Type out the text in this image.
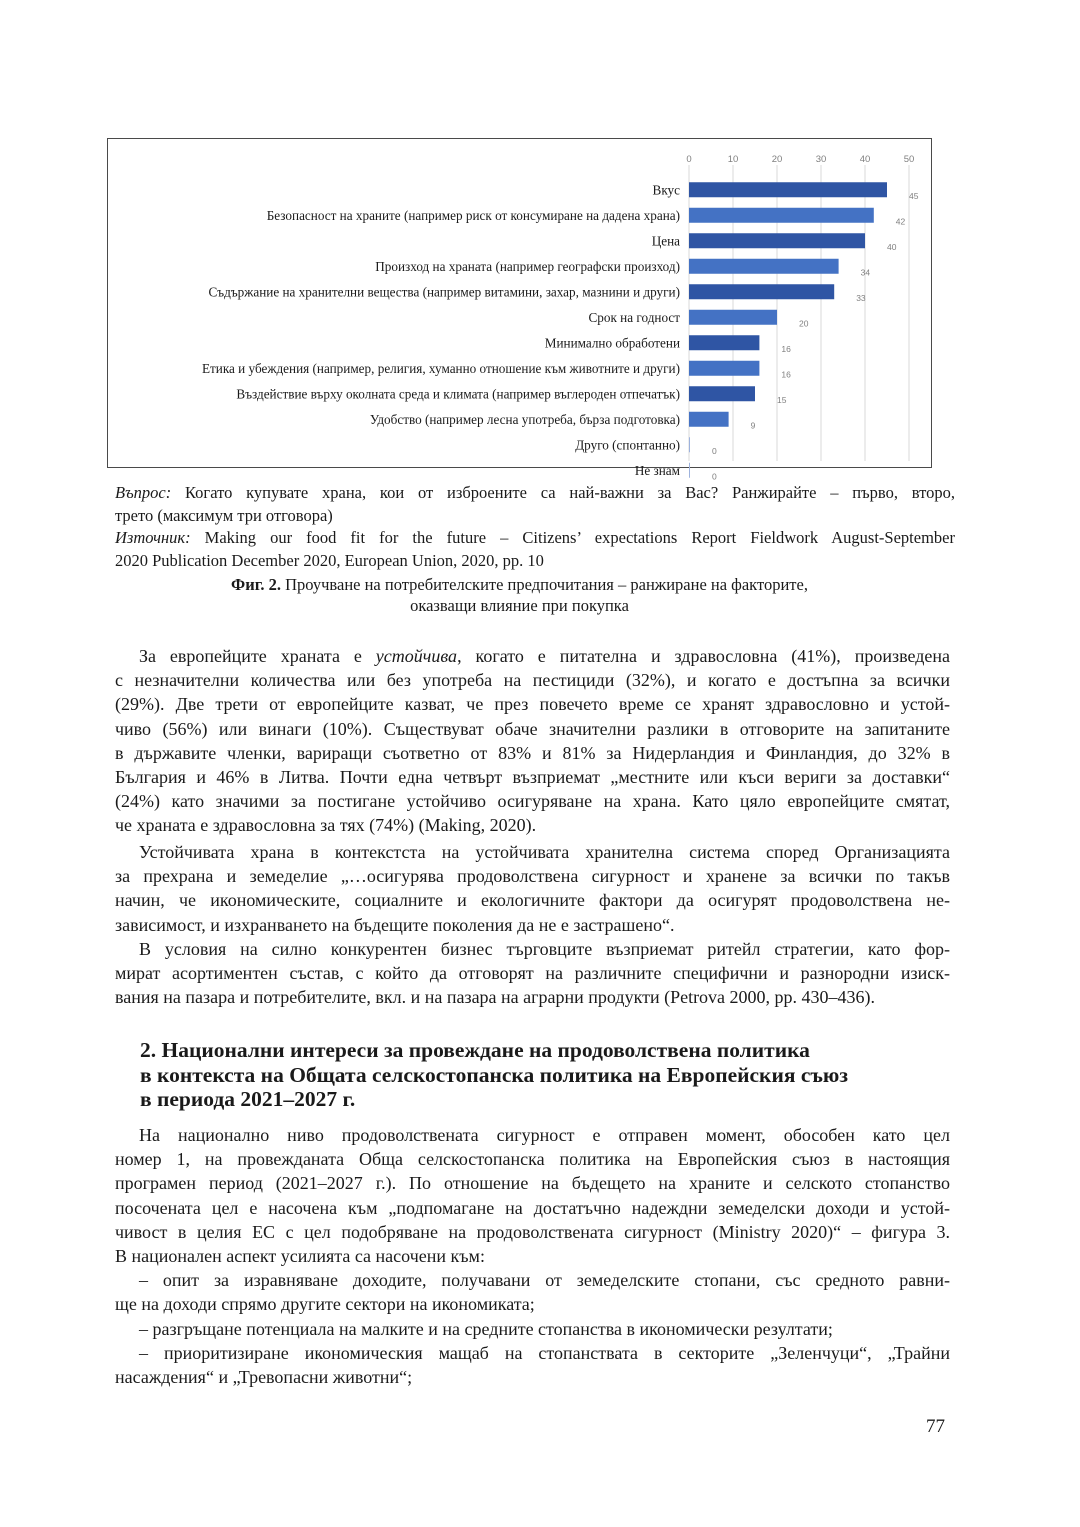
0	10	20	30	40	50
Вкус	45
Безопасност на храните (например риск от консумиране на дадена храна)	42
Цена	40
Произход на храната (например географски произход)	34
Съдържание на хранителни вещества (например витамини, захар, мазнини и други)	33
Срок на годност	20
Минимално обработени	16
Етика и убеждения (например, религия, хуманно отношение към животните и други)	16
Въздействие върху околната среда и климата (например въглероден отпечатък)	15
Удобство (например лесна употреба, бърза подготовка)	9
Друго (спонтанно)	0
Не знам	0
Въпрос: Когато купувате храна, кои от изброените са най-важни за Вас? Ранжирайте – първо, второ,
трето (максимум три отговора)
Източник: Making our food fit for the future – Citizens’ expectations Report Fieldwork August-September
2020 Publication December 2020, European Union, 2020, pp. 10
Фиг. 2. Проучване на потребителските предпочитания – ранжиране на факторите,
оказващи влияние при покупка
За европейците храната е устойчива, когато е питателна и здравословна (41%), произведена
с незначителни количества или без употреба на пестициди (32%), и когато е достъпна за всички
(29%). Две трети от европейците казват, че през повечето време се хранят здравословно и устой-
чиво (56%) или винаги (10%). Съществуват обаче значителни разлики в отговорите на запитаните
в държавите членки, вариращи съответно от 83% и 81% за Нидерландия и Финландия, до 32% в
България и 46% в Литва. Почти една четвърт възприемат „местните или къси вериги за доставки“
(24%) като значими за постигане устойчиво осигуряване на храна. Като цяло европейците смятат,
че храната е здравословна за тях (74%) (Making, 2020).
Устойчивата храна в контекстста на устойчивата хранителна система според Организацията
за прехрана и земеделие „…осигурява продоволствена сигурност и хранене за всички по такъв
начин, че икономическите, социалните и екологичните фактори да осигурят продоволствена не-
зависимост, и изхранването на бъдещите поколения да не е застрашено“.
В условия на силно конкурентен бизнес търговците възприемат ритейл стратегии, като фор-
мират асортиментен състав, с който да отговорят на различните специфични и разнородни изиск-
вания на пазара и потребителите, вкл. и на пазара на аграрни продукти (Petrova 2000, pp. 430–436).
2. Национални интереси за провеждане на продоволствена политика
в контекста на Общата селскостопанска политика на Европейския съюз
в периода 2021–2027 г.
На национално ниво продоволствената сигурност е отправен момент, обособен като цел
номер 1, на провежданата Обща селскостопанска политика на Европейския съюз в настоящия
програмен период (2021–2027 г.). По отношение на бъдещето на храните и селското стопанство
посочената цел е насочена към „подпомагане на достатъчно надеждни земеделски доходи и устой-
чивост в целия ЕС с цел подобряване на продоволствената сигурност (Ministry 2020)“ – фигура 3.
В национален аспект усилията са насочени към:
– опит за изравняване доходите, получавани от земеделските стопани, със средното равни-
ще на доходи спрямо другите сектори на икономиката;
– разгръщане потенциала на малките и на средните стопанства в икономически резултати;
– приоритизиране икономическия мащаб на стопанствата в секторите „Зеленчуци“, „Трайни
насаждения“ и „Тревопасни животни“;
77
